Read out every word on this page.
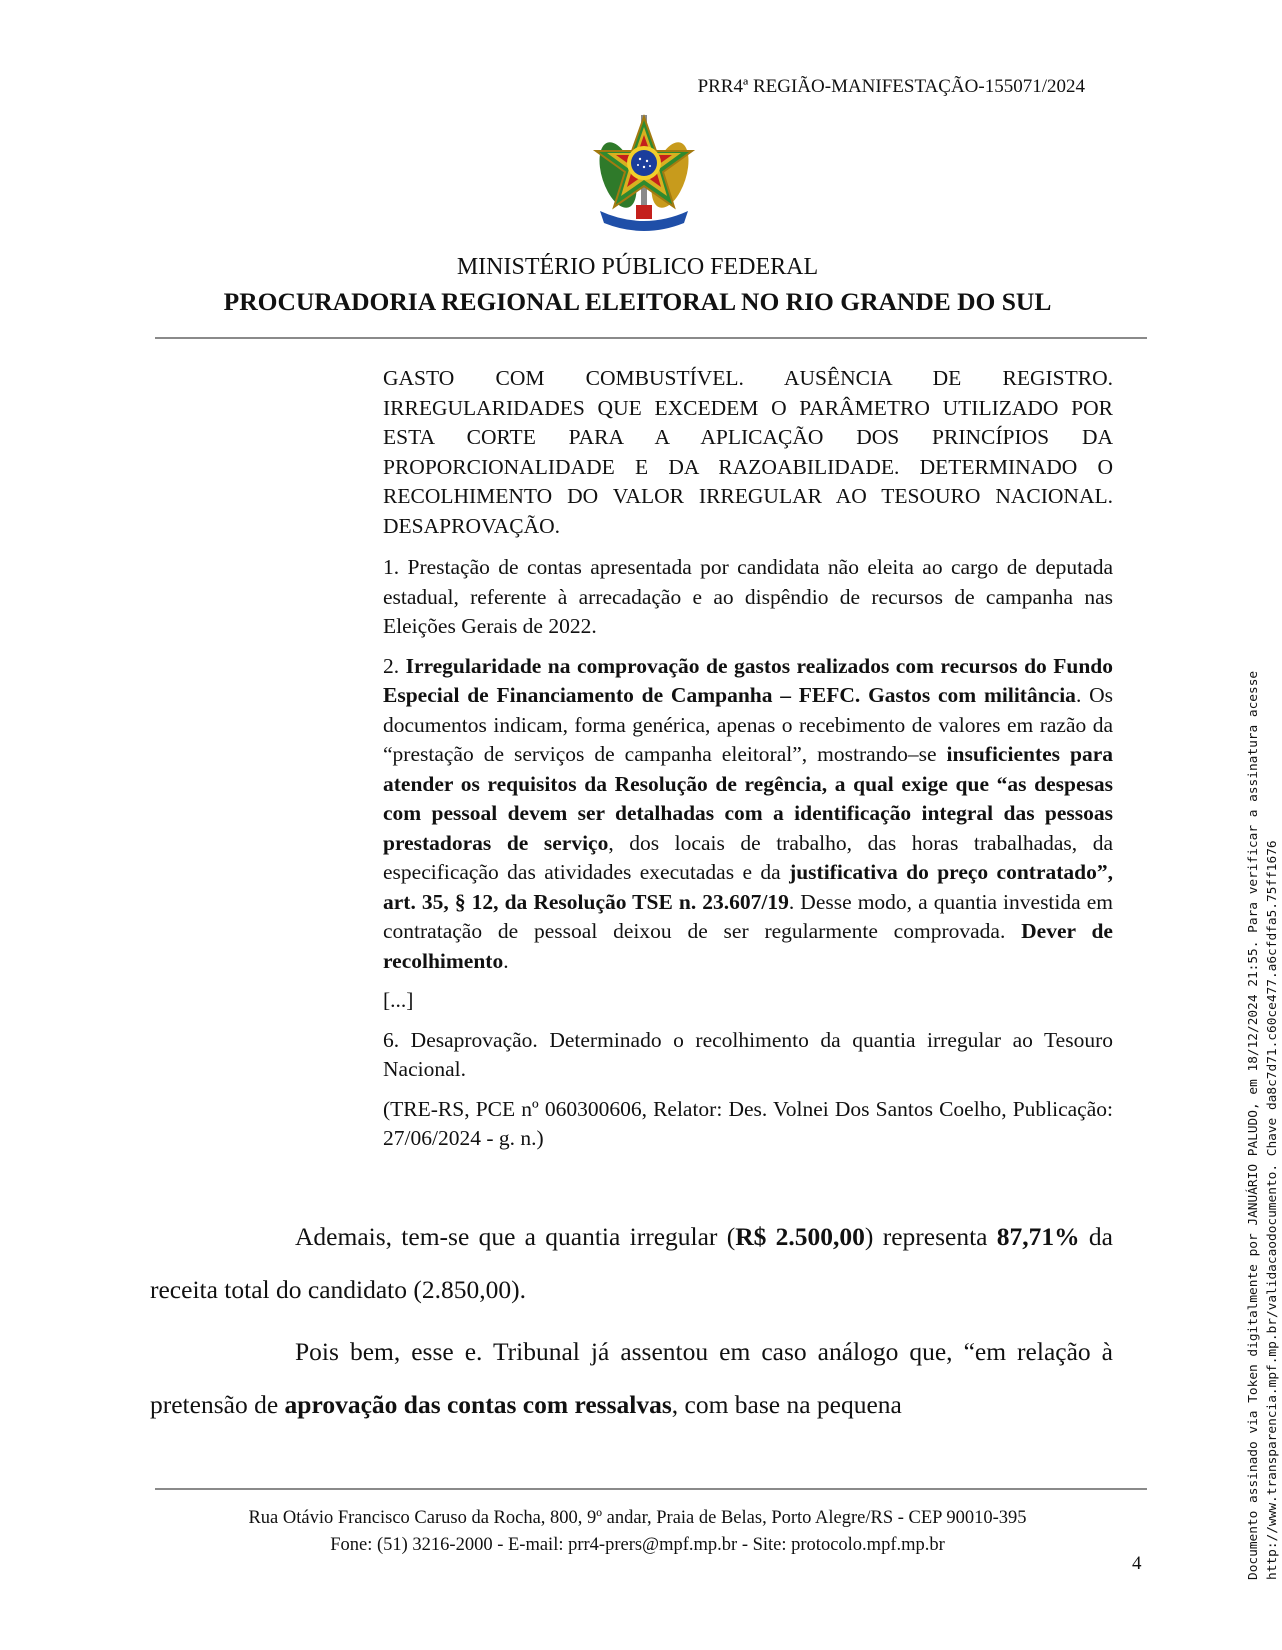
PRR4ª REGIÃO-MANIFESTAÇÃO-155071/2024
MINISTÉRIO PÚBLICO FEDERAL
PROCURADORIA REGIONAL ELEITORAL NO RIO GRANDE DO SUL

GASTO COM COMBUSTÍVEL. AUSÊNCIA DE REGISTRO. IRREGULARIDADES QUE EXCEDEM O PARÂMETRO UTILIZADO POR ESTA CORTE PARA A APLICAÇÃO DOS PRINCÍPIOS DA PROPORCIONALIDADE E DA RAZOABILIDADE. DETERMINADO O RECOLHIMENTO DO VALOR IRREGULAR AO TESOURO NACIONAL. DESAPROVAÇÃO.

1. Prestação de contas apresentada por candidata não eleita ao cargo de deputada estadual, referente à arrecadação e ao dispêndio de recursos de campanha nas Eleições Gerais de 2022.

2. Irregularidade na comprovação de gastos realizados com recursos do Fundo Especial de Financiamento de Campanha – FEFC. Gastos com militância. Os documentos indicam, forma genérica, apenas o recebimento de valores em razão da “prestação de serviços de campanha eleitoral”, mostrando–se insuficientes para atender os requisitos da Resolução de regência, a qual exige que “as despesas com pessoal devem ser detalhadas com a identificação integral das pessoas prestadoras de serviço, dos locais de trabalho, das horas trabalhadas, da especificação das atividades executadas e da justificativa do preço contratado”, art. 35, § 12, da Resolução TSE n. 23.607/19. Desse modo, a quantia investida em contratação de pessoal deixou de ser regularmente comprovada. Dever de recolhimento.

[...]

6. Desaprovação. Determinado o recolhimento da quantia irregular ao Tesouro Nacional.

(TRE-RS, PCE nº 060300606, Relator: Des. Volnei Dos Santos Coelho, Publicação: 27/06/2024 - g. n.)

Ademais, tem-se que a quantia irregular (R$ 2.500,00) representa 87,71% da receita total do candidato (2.850,00).

Pois bem, esse e. Tribunal já assentou em caso análogo que, “em relação à pretensão de aprovação das contas com ressalvas, com base na pequena

Rua Otávio Francisco Caruso da Rocha, 800, 9º andar, Praia de Belas, Porto Alegre/RS - CEP 90010-395
Fone: (51) 3216-2000 - E-mail: prr4-prers@mpf.mp.br - Site: protocolo.mpf.mp.br
4	Documento assinado via Token digitalmente por JANUÁRIO PALUDO, em 18/12/2024 21:55. Para verificar a assinatura acesse http://www.transparencia.mpf.mp.br/validacaodocumento. Chave da8c7d71.c60ce477.a6cfdfa5.75ff1676
